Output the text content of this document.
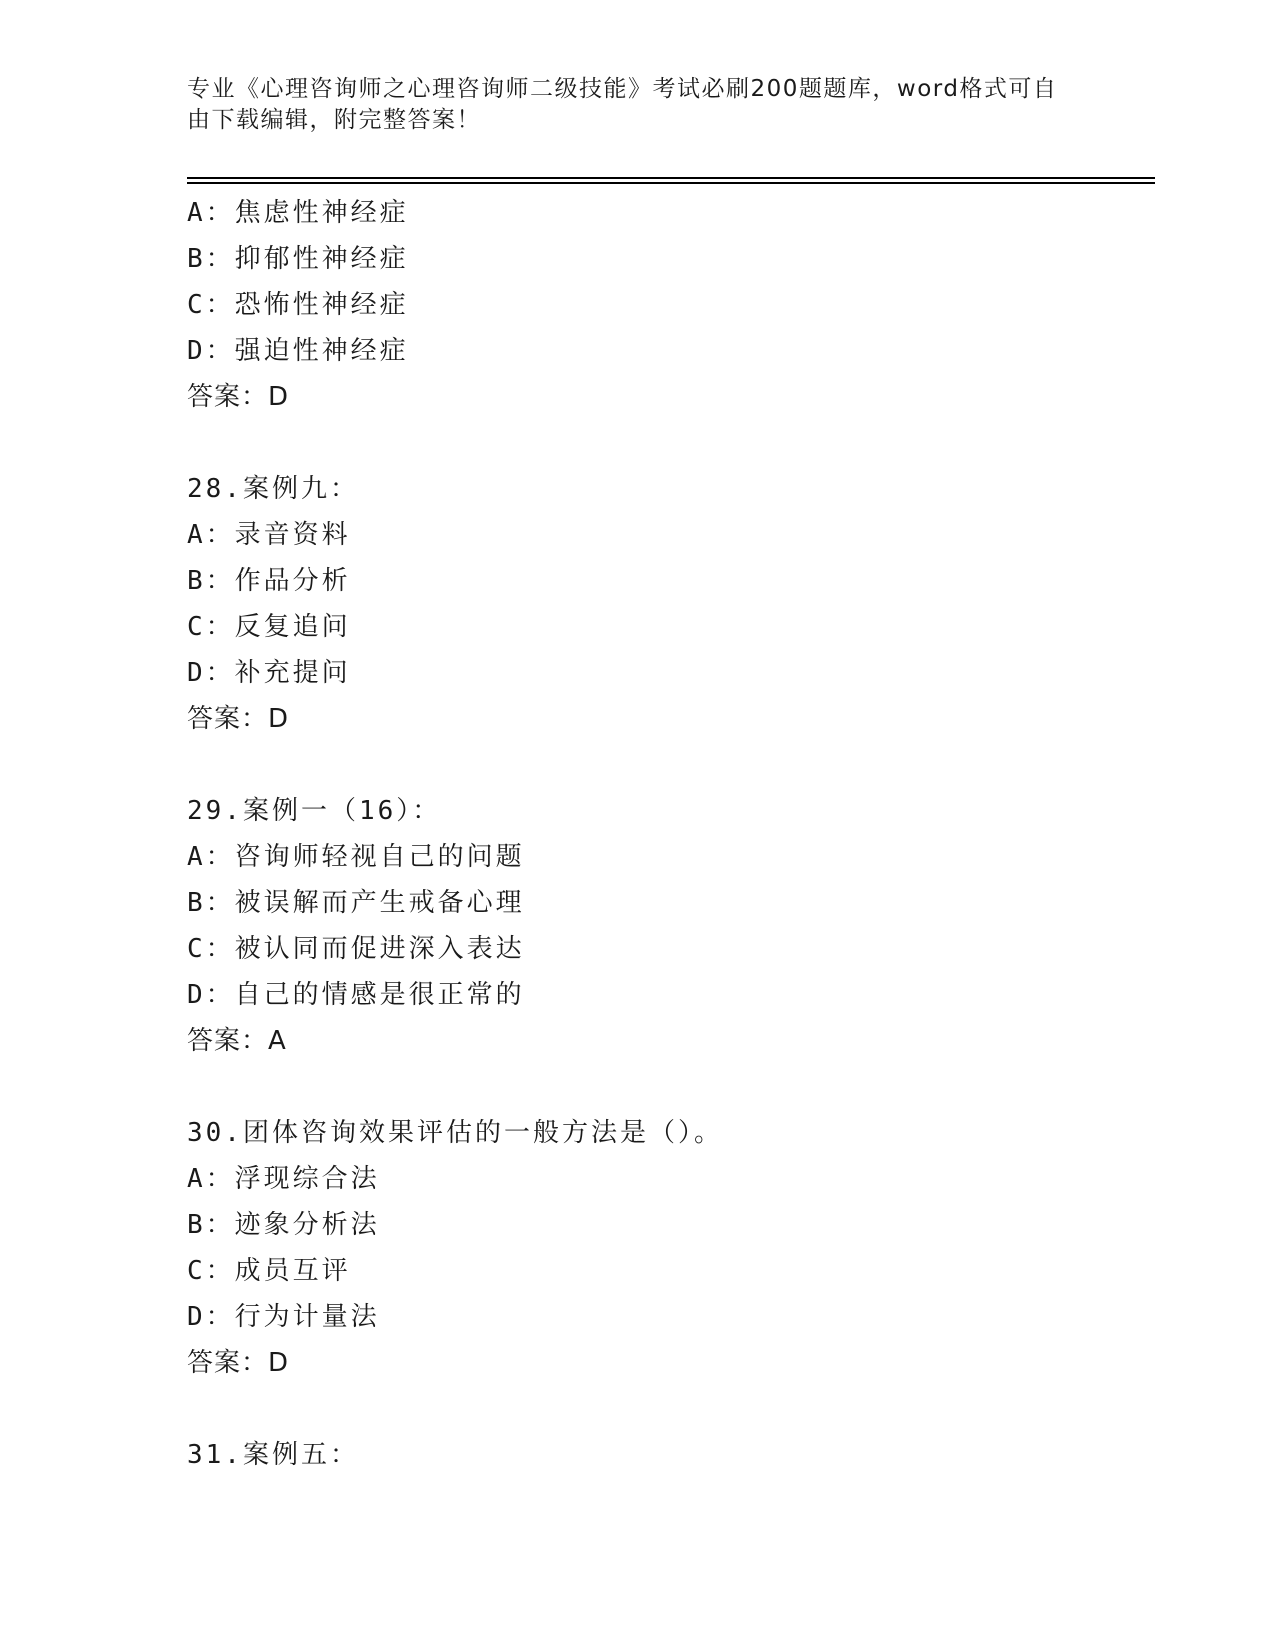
专业《心理咨询师之心理咨询师二级技能》考试必刷200题题库，word格式可自
由下载编辑，附完整答案！
A：焦虑性神经症
B：抑郁性神经症
C：恐怖性神经症
D：强迫性神经症
答案：D
28.案例九：
A：录音资料
B：作品分析
C：反复追问
D：补充提问
答案：D
29.案例一（16）：
A：咨询师轻视自己的问题
B：被误解而产生戒备心理
C：被认同而促进深入表达
D：自己的情感是很正常的
答案：A
30.团体咨询效果评估的一般方法是（）。
A：浮现综合法
B：迹象分析法
C：成员互评
D：行为计量法
答案：D
31.案例五：
